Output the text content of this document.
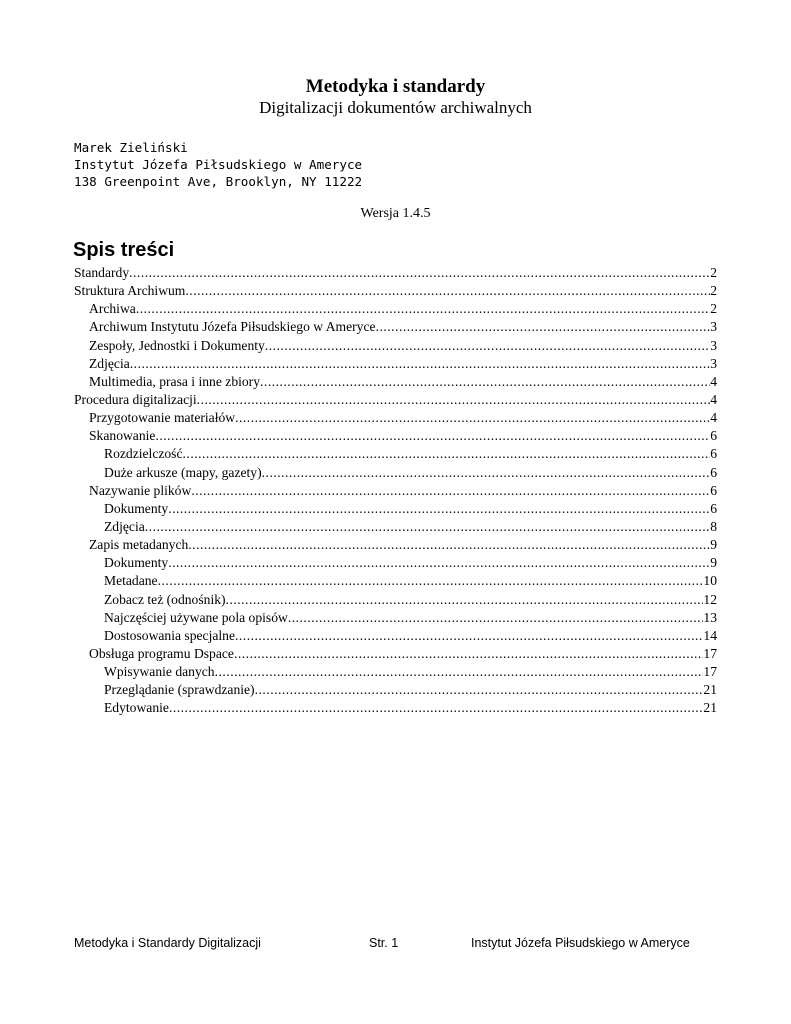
Metodyka i standardy
Digitalizacji dokumentów archiwalnych
Marek Zieliński
Instytut Józefa Piłsudskiego w Ameryce
138 Greenpoint Ave, Brooklyn, NY 11222
Wersja 1.4.5
Spis treści
Standardy .....	2
Struktura Archiwum .....	2
Archiwa .....	2
Archiwum Instytutu Józefa Piłsudskiego w Ameryce .....	3
Zespoły, Jednostki i Dokumenty .....	3
Zdjęcia .....	3
Multimedia, prasa i inne zbiory .....	4
Procedura digitalizacji .....	4
Przygotowanie materiałów .....	4
Skanowanie .....	6
Rozdzielczość .....	6
Duże arkusze (mapy, gazety) .....	6
Nazywanie plików .....	6
Dokumenty .....	6
Zdjęcia .....	8
Zapis metadanych .....	9
Dokumenty .....	9
Metadane .....	10
Zobacz też (odnośnik) .....	12
Najczęściej używane pola opisów .....	13
Dostosowania specjalne .....	14
Obsługa programu Dspace .....	17
Wpisywanie danych .....	17
Przeglądanie (sprawdzanie) .....	21
Edytowanie .....	21
Metodyka i Standardy Digitalizacji	Str. 1	Instytut Józefa Piłsudskiego w Ameryce
